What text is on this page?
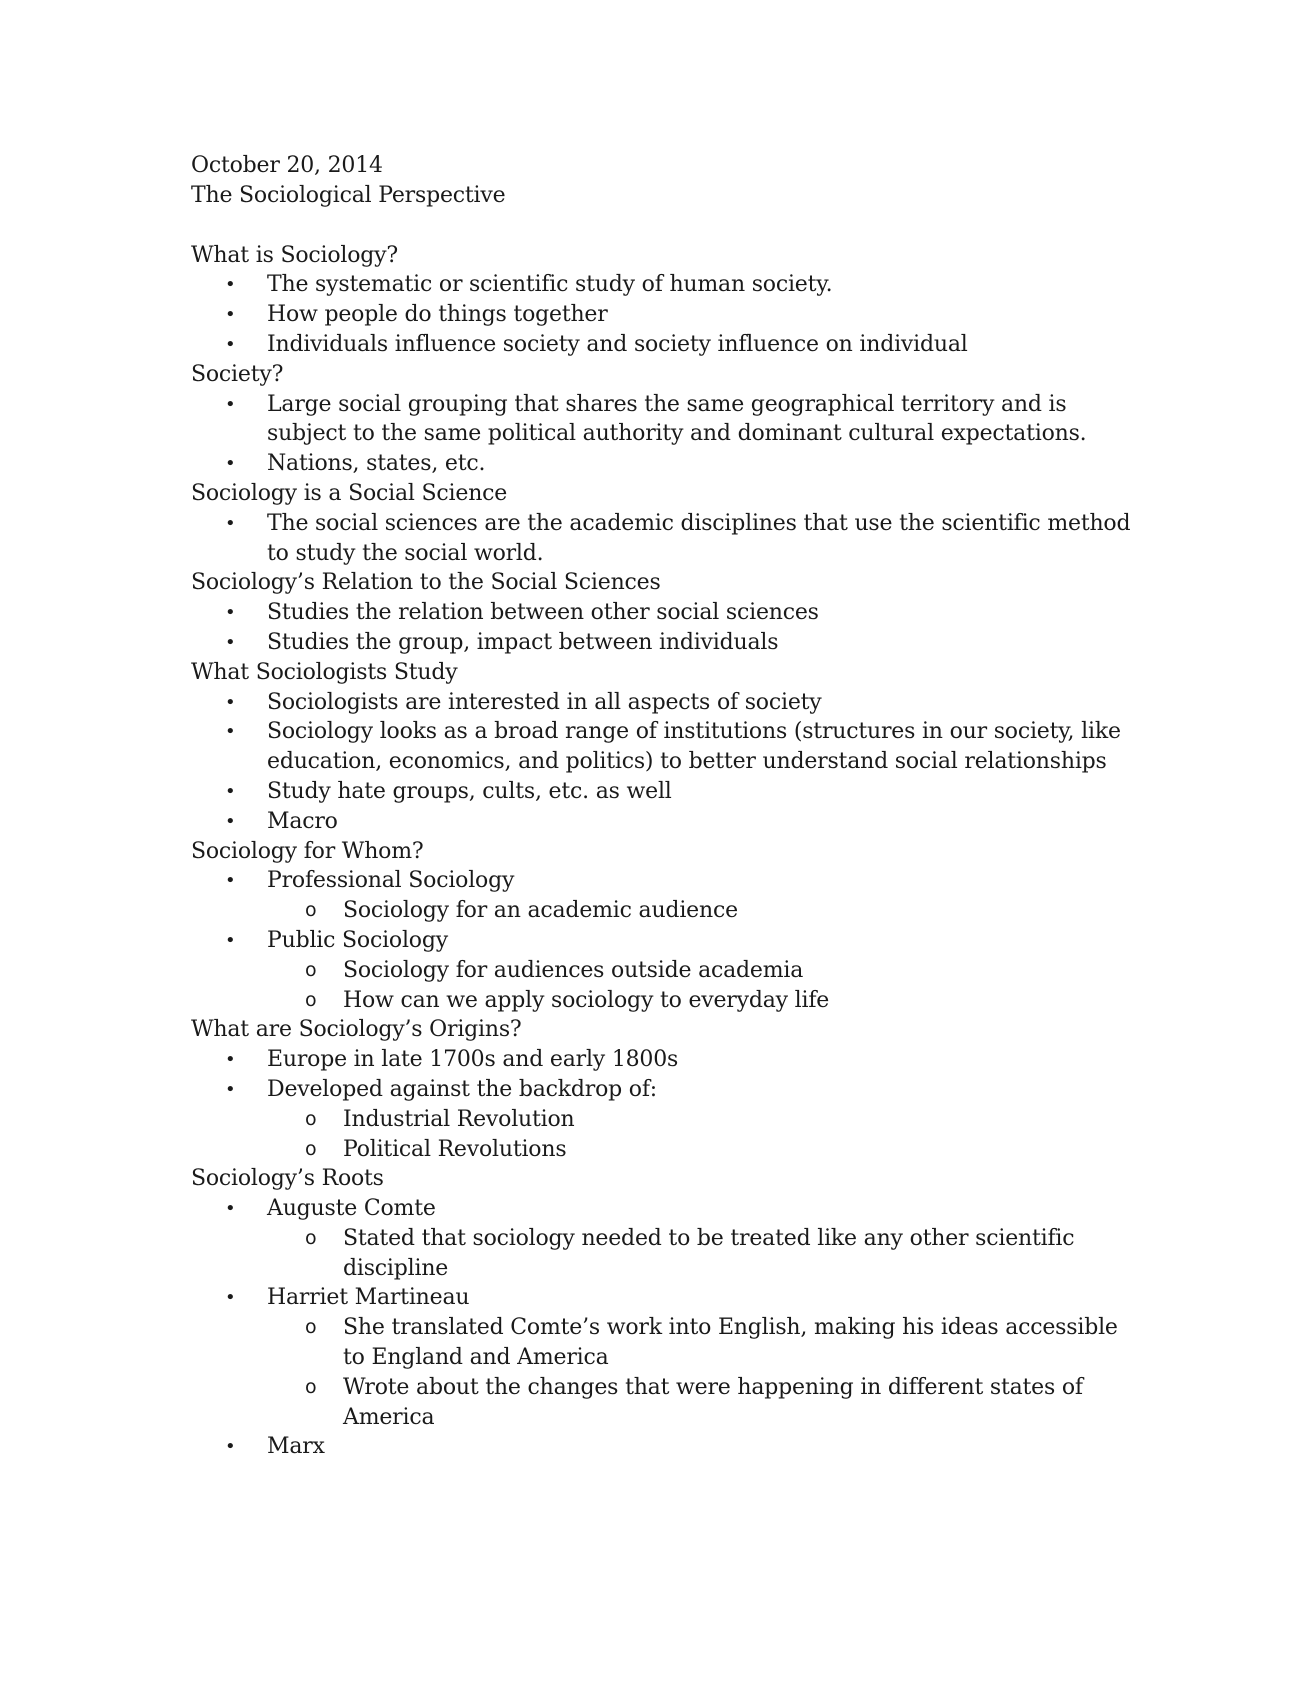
October 20, 2014

The Sociological Perspective

What is Sociology?

• The systematic or scientific study of human society.
• How people do things together
• Individuals influence society and society influence on individual

Society?

• Large social grouping that shares the same geographical territory and is subject to the same political authority and dominant cultural expectations.
• Nations, states, etc.

Sociology is a Social Science

• The social sciences are the academic disciplines that use the scientific method to study the social world.

Sociology’s Relation to the Social Sciences

• Studies the relation between other social sciences
• Studies the group, impact between individuals

What Sociologists Study

• Sociologists are interested in all aspects of society
• Sociology looks as a broad range of institutions (structures in our society, like education, economics, and politics) to better understand social relationships
• Study hate groups, cults, etc. as well
• Macro

Sociology for Whom?

• Professional Sociology
o Sociology for an academic audience
• Public Sociology
o Sociology for audiences outside academia
o How can we apply sociology to everyday life

What are Sociology’s Origins?

• Europe in late 1700s and early 1800s
• Developed against the backdrop of:
o Industrial Revolution
o Political Revolutions

Sociology’s Roots

• Auguste Comte
o Stated that sociology needed to be treated like any other scientific discipline
• Harriet Martineau
o She translated Comte’s work into English, making his ideas accessible to England and America
o Wrote about the changes that were happening in different states of America
• Marx
